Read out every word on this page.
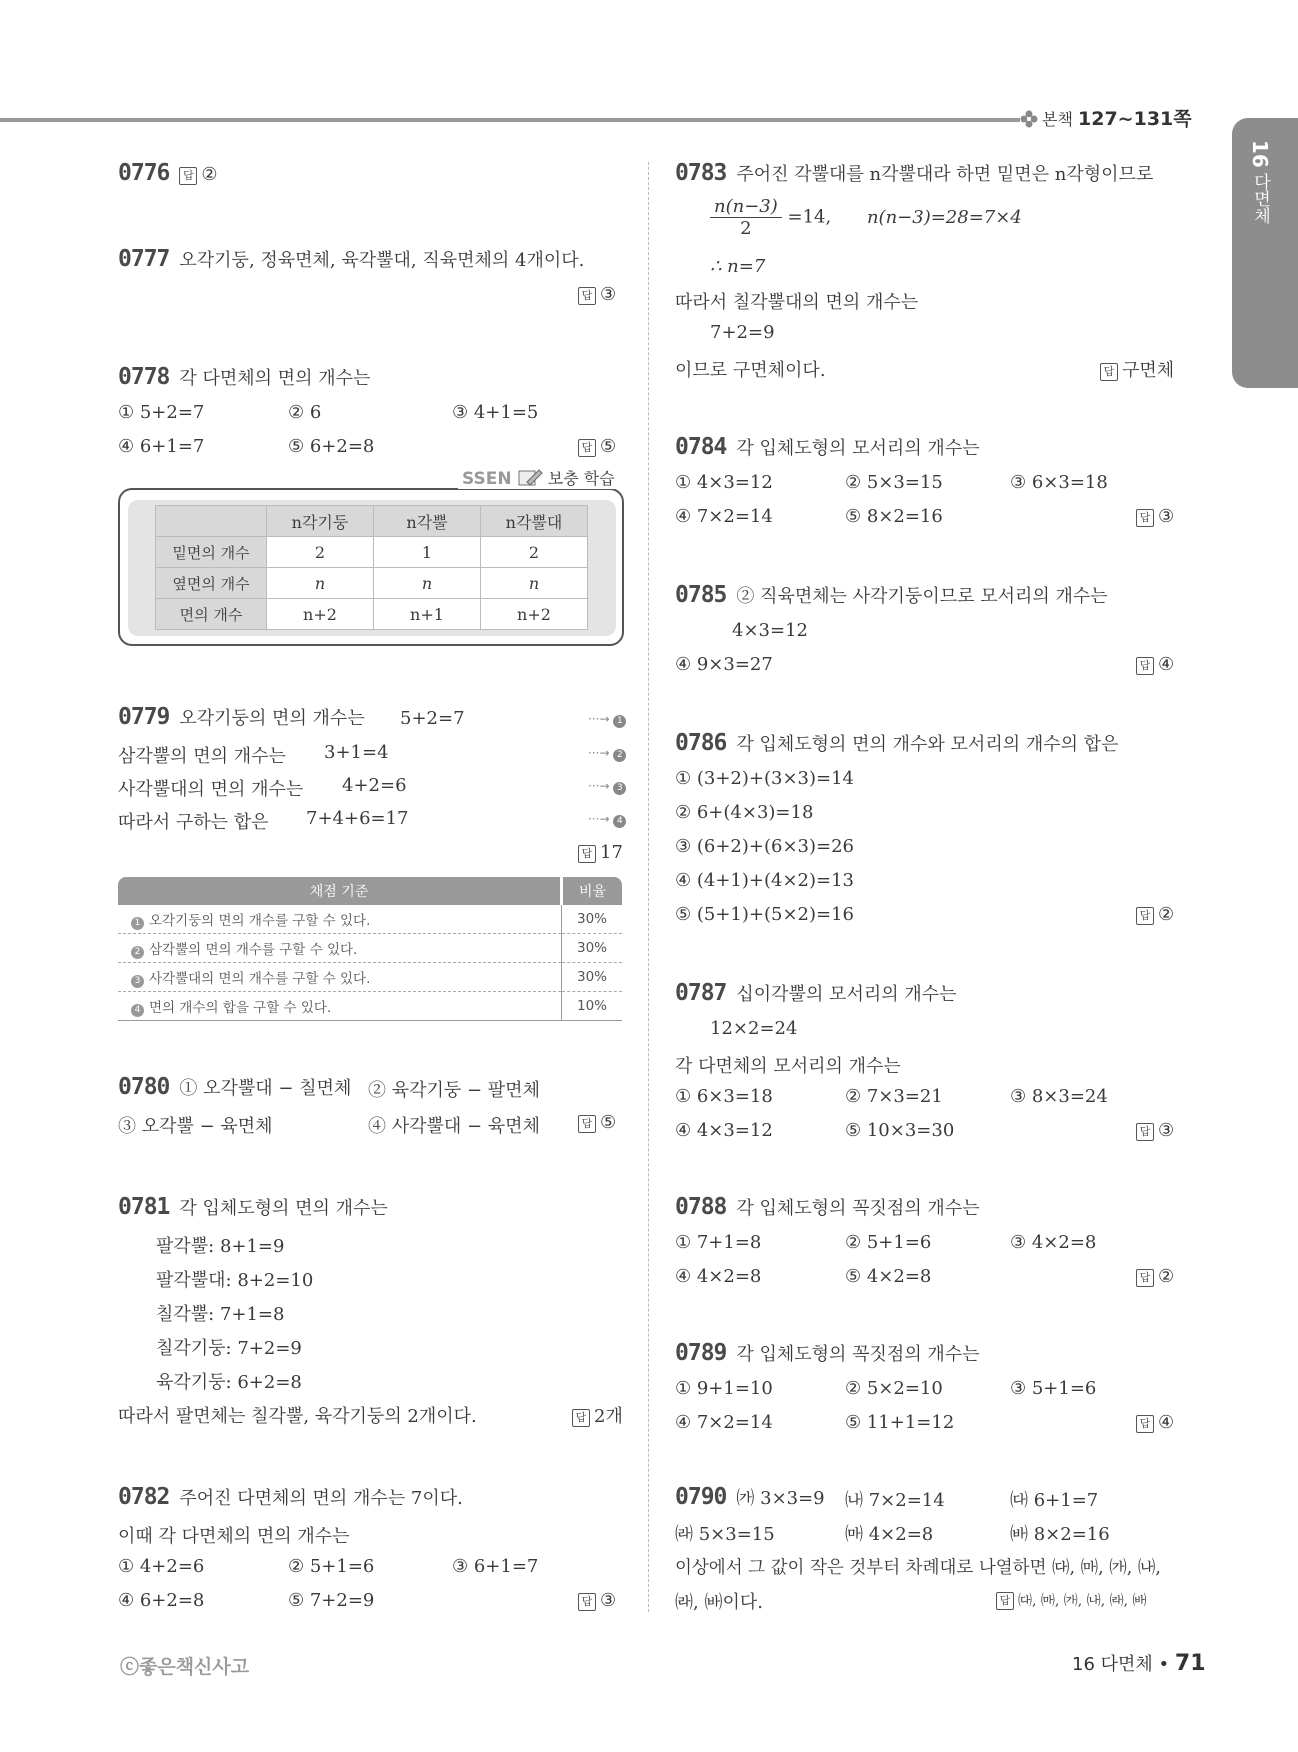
본책 127~131쪽
16 다면체
0776 답 ②
0777 오각기둥, 정육면체, 육각뿔대, 직육면체의 4개이다.
답 ③
0778 각 다면체의 면의 개수는
① 5+2=7	② 6	③ 4+1=5
④ 6+1=7	⑤ 6+2=8	답 ⑤
SSEN 보충 학습
	n각기둥	n각뿔	n각뿔대
밑면의 개수	2	1	2
옆면의 개수	n	n	n
면의 개수	n+2	n+1	n+2
0779 오각기둥의 면의 개수는 5+2=7	···→ 1
삼각뿔의 면의 개수는 3+1=4	···→ 2
사각뿔대의 면의 개수는 4+2=6	···→ 3
따라서 구하는 합은 7+4+6=17	···→ 4
답 17
채점 기준	비율
1 오각기둥의 면의 개수를 구할 수 있다.	30%
2 삼각뿔의 면의 개수를 구할 수 있다.	30%
3 사각뿔대의 면의 개수를 구할 수 있다.	30%
4 면의 개수의 합을 구할 수 있다.	10%
0780 ① 오각뿔대 − 칠면체 ② 육각기둥 − 팔면체
③ 오각뿔 − 육면체	④ 사각뿔대 − 육면체	답 ⑤
0781 각 입체도형의 면의 개수는
팔각뿔: 8+1=9
팔각뿔대: 8+2=10
칠각뿔: 7+1=8
칠각기둥: 7+2=9
육각기둥: 6+2=8
따라서 팔면체는 칠각뿔, 육각기둥의 2개이다.	답 2개
0782 주어진 다면체의 면의 개수는 7이다.
이때 각 다면체의 면의 개수는
① 4+2=6	② 5+1=6	③ 6+1=7
④ 6+2=8	⑤ 7+2=9	답 ③
0783 주어진 각뿔대를 n각뿔대라 하면 밑면은 n각형이므로
$\frac{n(n-3)}{2} =14$, n(n−3)=28=7×4
∴ n=7
따라서 칠각뿔대의 면의 개수는
7+2=9
이므로 구면체이다.	답 구면체
0784 각 입체도형의 모서리의 개수는
① 4×3=12	② 5×3=15	③ 6×3=18
④ 7×2=14	⑤ 8×2=16	답 ③
0785 ② 직육면체는 사각기둥이므로 모서리의 개수는
4×3=12
④ 9×3=27	답 ④
0786 각 입체도형의 면의 개수와 모서리의 개수의 합은
① (3+2)+(3×3)=14
② 6+(4×3)=18
③ (6+2)+(6×3)=26
④ (4+1)+(4×2)=13
⑤ (5+1)+(5×2)=16	답 ②
0787 십이각뿔의 모서리의 개수는
12×2=24
각 다면체의 모서리의 개수는
① 6×3=18	② 7×3=21	③ 8×3=24
④ 4×3=12	⑤ 10×3=30	답 ③
0788 각 입체도형의 꼭짓점의 개수는
① 7+1=8	② 5+1=6	③ 4×2=8
④ 4×2=8	⑤ 4×2=8	답 ②
0789 각 입체도형의 꼭짓점의 개수는
① 9+1=10	② 5×2=10	③ 5+1=6
④ 7×2=14	⑤ 11+1=12	답 ④
0790 ㈎ 3×3=9 ㈏ 7×2=14	㈐ 6+1=7
㈑ 5×3=15	㈒ 4×2=8	㈓ 8×2=16
이상에서 그 값이 작은 것부터 차례대로 나열하면 ㈐, ㈒, ㈎, ㈏,
㈑, ㈓이다.	답 ㈐, ㈒, ㈎, ㈏, ㈑, ㈓
ⓒ좋은책신사고	16 다면체 • 71
